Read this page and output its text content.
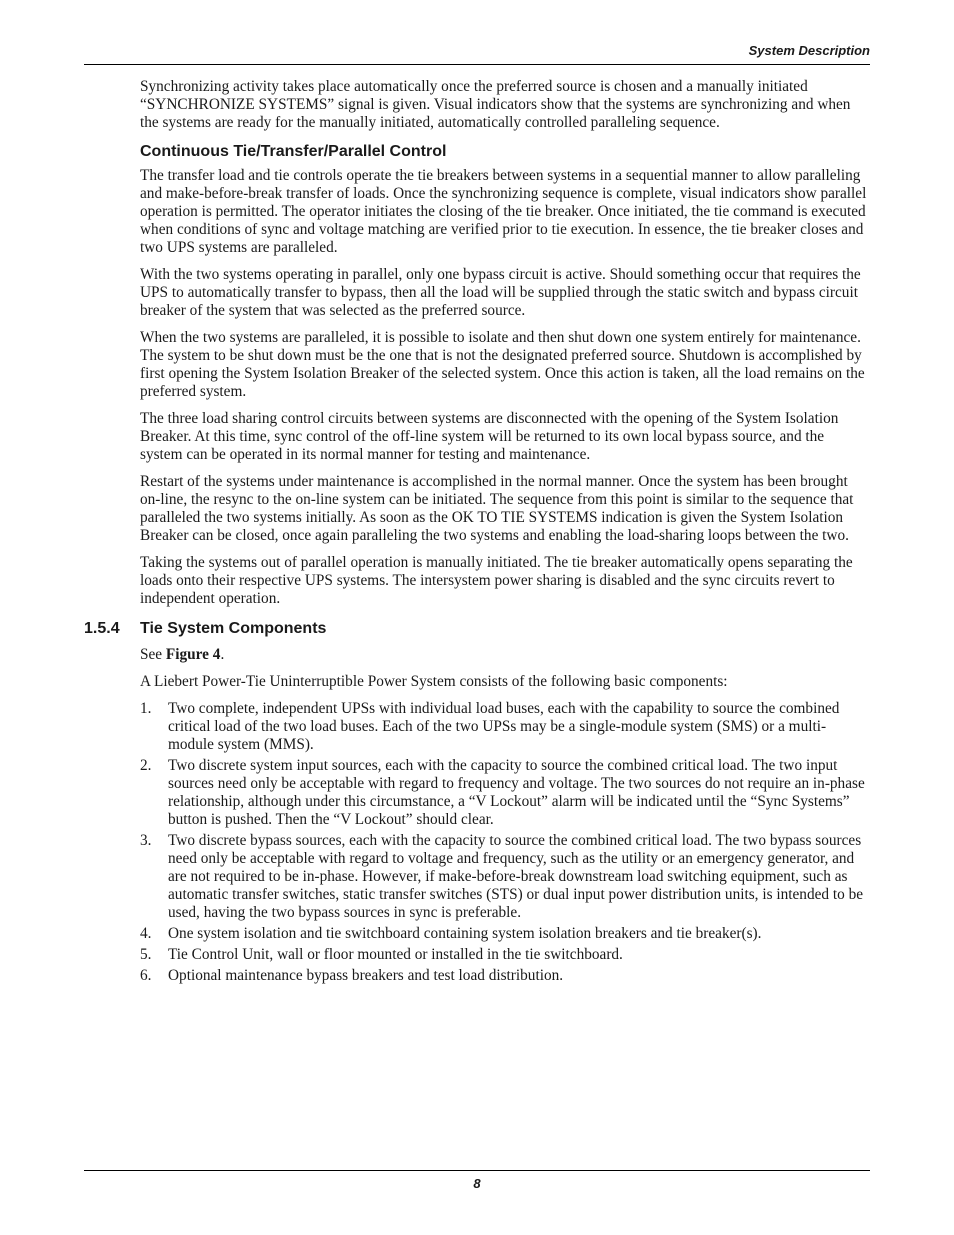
System Description

Synchronizing activity takes place automatically once the preferred source is chosen and a manually initiated “SYNCHRONIZE SYSTEMS” signal is given. Visual indicators show that the systems are synchronizing and when the systems are ready for the manually initiated, automatically controlled paralleling sequence.

Continuous Tie/Transfer/Parallel Control

The transfer load and tie controls operate the tie breakers between systems in a sequential manner to allow paralleling and make-before-break transfer of loads. Once the synchronizing sequence is complete, visual indicators show parallel operation is permitted. The operator initiates the closing of the tie breaker. Once initiated, the tie command is executed when conditions of sync and voltage matching are verified prior to tie execution. In essence, the tie breaker closes and two UPS systems are paralleled.

With the two systems operating in parallel, only one bypass circuit is active. Should something occur that requires the UPS to automatically transfer to bypass, then all the load will be supplied through the static switch and bypass circuit breaker of the system that was selected as the preferred source.

When the two systems are paralleled, it is possible to isolate and then shut down one system entirely for maintenance. The system to be shut down must be the one that is not the designated preferred source. Shutdown is accomplished by first opening the System Isolation Breaker of the selected system. Once this action is taken, all the load remains on the preferred system.

The three load sharing control circuits between systems are disconnected with the opening of the System Isolation Breaker. At this time, sync control of the off-line system will be returned to its own local bypass source, and the system can be operated in its normal manner for testing and maintenance.

Restart of the systems under maintenance is accomplished in the normal manner. Once the system has been brought on-line, the resync to the on-line system can be initiated. The sequence from this point is similar to the sequence that paralleled the two systems initially. As soon as the OK TO TIE SYSTEMS indication is given the System Isolation Breaker can be closed, once again paralleling the two systems and enabling the load-sharing loops between the two.

Taking the systems out of parallel operation is manually initiated. The tie breaker automatically opens separating the loads onto their respective UPS systems. The intersystem power sharing is disabled and the sync circuits revert to independent operation.

1.5.4 Tie System Components

See Figure 4.

A Liebert Power-Tie Uninterruptible Power System consists of the following basic components:

1. Two complete, independent UPSs with individual load buses, each with the capability to source the combined critical load of the two load buses. Each of the two UPSs may be a single-module system (SMS) or a multi-module system (MMS).
2. Two discrete system input sources, each with the capacity to source the combined critical load. The two input sources need only be acceptable with regard to frequency and voltage. The two sources do not require an in-phase relationship, although under this circumstance, a “V Lockout” alarm will be indicated until the “Sync Systems” button is pushed. Then the “V Lockout” should clear.
3. Two discrete bypass sources, each with the capacity to source the combined critical load. The two bypass sources need only be acceptable with regard to voltage and frequency, such as the utility or an emergency generator, and are not required to be in-phase. However, if make-before-break downstream load switching equipment, such as automatic transfer switches, static transfer switches (STS) or dual input power distribution units, is intended to be used, having the two bypass sources in sync is preferable.
4. One system isolation and tie switchboard containing system isolation breakers and tie breaker(s).
5. Tie Control Unit, wall or floor mounted or installed in the tie switchboard.
6. Optional maintenance bypass breakers and test load distribution.
8
